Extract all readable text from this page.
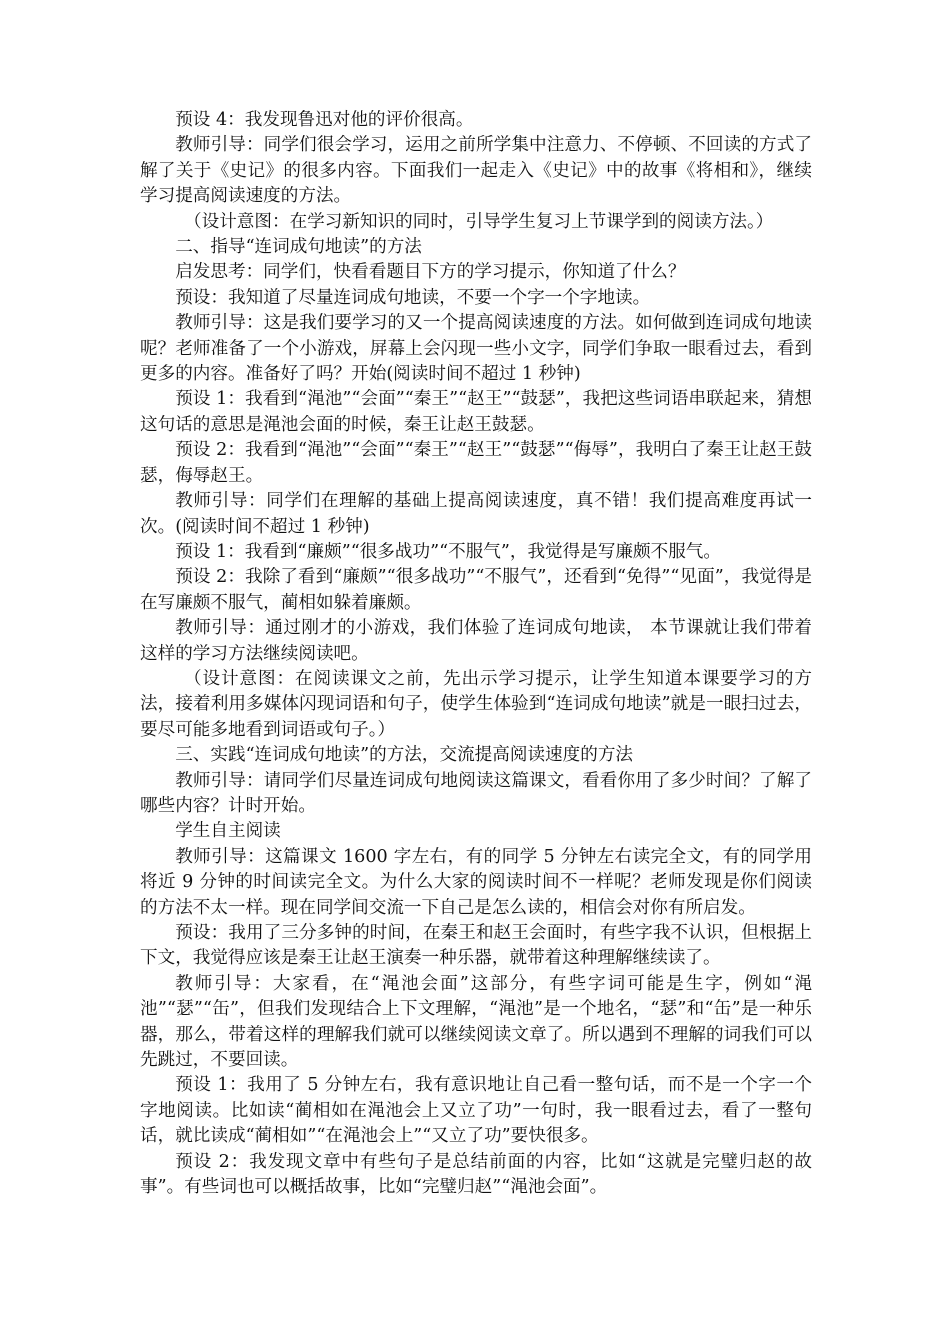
预设 4：我发现鲁迅对他的评价很高。

教师引导：同学们很会学习，运用之前所学集中注意力、不停顿、不回读的方式了解了关于《史记》的很多内容。下面我们一起走入《史记》中的故事《将相和》，继续学习提高阅读速度的方法。

（设计意图：在学习新知识的同时，引导学生复习上节课学到的阅读方法。）

二、指导“连词成句地读”的方法

启发思考：同学们，快看看题目下方的学习提示，你知道了什么？

预设：我知道了尽量连词成句地读，不要一个字一个字地读。

教师引导：这是我们要学习的又一个提高阅读速度的方法。如何做到连词成句地读呢？老师准备了一个小游戏，屏幕上会闪现一些小文字，同学们争取一眼看过去，看到更多的内容。准备好了吗？开始(阅读时间不超过 1 秒钟)

预设 1：我看到“渑池”“会面”“秦王”“赵王”“鼓瑟”，我把这些词语串联起来，猜想这句话的意思是渑池会面的时候，秦王让赵王鼓瑟。

预设 2：我看到“渑池”“会面”“秦王”“赵王”“鼓瑟”“侮辱”，我明白了秦王让赵王鼓瑟，侮辱赵王。

教师引导：同学们在理解的基础上提高阅读速度，真不错！我们提高难度再试一次。(阅读时间不超过 1 秒钟)

预设 1：我看到“廉颇”“很多战功”“不服气”，我觉得是写廉颇不服气。

预设 2：我除了看到“廉颇”“很多战功”“不服气”，还看到“免得”“见面”，我觉得是在写廉颇不服气，蔺相如躲着廉颇。

教师引导：通过刚才的小游戏，我们体验了连词成句地读， 本节课就让我们带着这样的学习方法继续阅读吧。

（设计意图：在阅读课文之前，先出示学习提示，让学生知道本课要学习的方法，接着利用多媒体闪现词语和句子，使学生体验到“连词成句地读”就是一眼扫过去，要尽可能多地看到词语或句子。）

三、实践“连词成句地读”的方法，交流提高阅读速度的方法

教师引导：请同学们尽量连词成句地阅读这篇课文，看看你用了多少时间？了解了哪些内容？计时开始。

学生自主阅读

教师引导：这篇课文 1600 字左右，有的同学 5 分钟左右读完全文，有的同学用将近 9 分钟的时间读完全文。为什么大家的阅读时间不一样呢？老师发现是你们阅读的方法不太一样。现在同学间交流一下自己是怎么读的，相信会对你有所启发。

预设：我用了三分多钟的时间，在秦王和赵王会面时，有些字我不认识，但根据上下文，我觉得应该是秦王让赵王演奏一种乐器，就带着这种理解继续读了。

教师引导：大家看，在“渑池会面”这部分，有些字词可能是生字，例如“渑池”“瑟”“缶”，但我们发现结合上下文理解，“渑池”是一个地名，“瑟”和“缶”是一种乐器，那么，带着这样的理解我们就可以继续阅读文章了。所以遇到不理解的词我们可以先跳过，不要回读。

预设 1：我用了 5 分钟左右，我有意识地让自己看一整句话，而不是一个字一个字地阅读。比如读“蔺相如在渑池会上又立了功”一句时，我一眼看过去，看了一整句话，就比读成“蔺相如”“在渑池会上”“又立了功”要快很多。

预设 2：我发现文章中有些句子是总结前面的内容，比如“这就是完璧归赵的故事”。有些词也可以概括故事，比如“完璧归赵”“渑池会面”。
